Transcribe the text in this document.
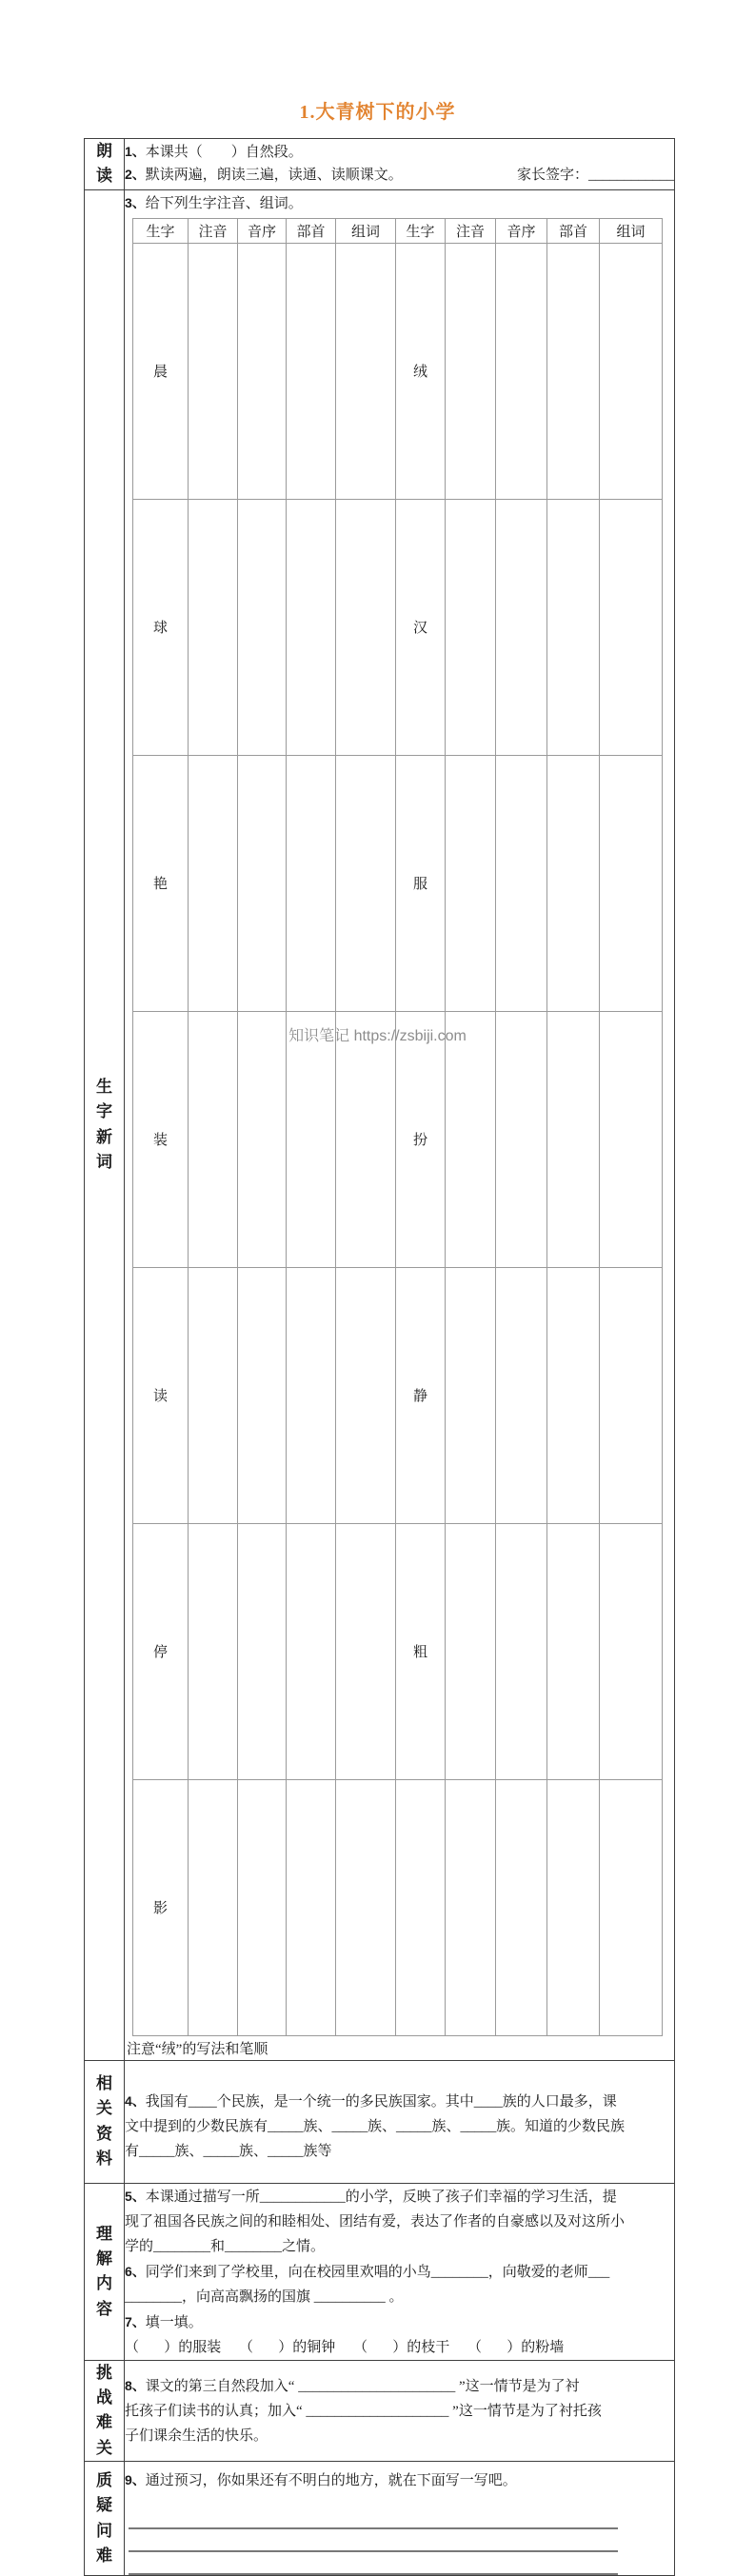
1.大青树下的小学
朗读	
1、 本课共（        ）自然段。
2、 默读两遍，朗读三遍，读通、读顺课文。	家长签字：____________

生字新词	
3、 给下列生字注音、组词。
生字	注音	音序	部首	组词	生字	注音	音序	部首	组词
晨					绒				
球					汉				
艳					服				
装					扮				
读					静				
停					粗				
影									
注意“绒”的写法和笔顺

相关资料	
4、 我国有____个民族，是一个统一的多民族国家。其中____族的人口最多，课
文中提到的少数民族有_____族、_____族、_____族、_____族。知道的少数民族
有_____族、_____族、_____族等

理解内容	
5、 本课通过描写一所____________的小学，反映了孩子们幸福的学习生活，提
现了祖国各民族之间的和睦相处、团结有爱，表达了作者的自豪感以及对这所小
学的________和________之情。
6、 同学们来到了学校里，向在校园里欢唱的小鸟________，向敬爱的老师___
________，向高高飘扬的国旗 __________ 。
7、 填一填。
（       ）的服装　 （       ）的铜钟　 （       ）的枝干　 （       ）的粉墙

挑战难关	
8、 课文的第三自然段加入“ ______________________ ”这一情节是为了衬
托孩子们读书的认真；加入“ ____________________ ”这一情节是为了衬托孩
子们课余生活的快乐。

质疑问难	
9、 通过预习，你如果还有不明白的地方，就在下面写一写吧。
知识笔记 https://zsbiji.com
